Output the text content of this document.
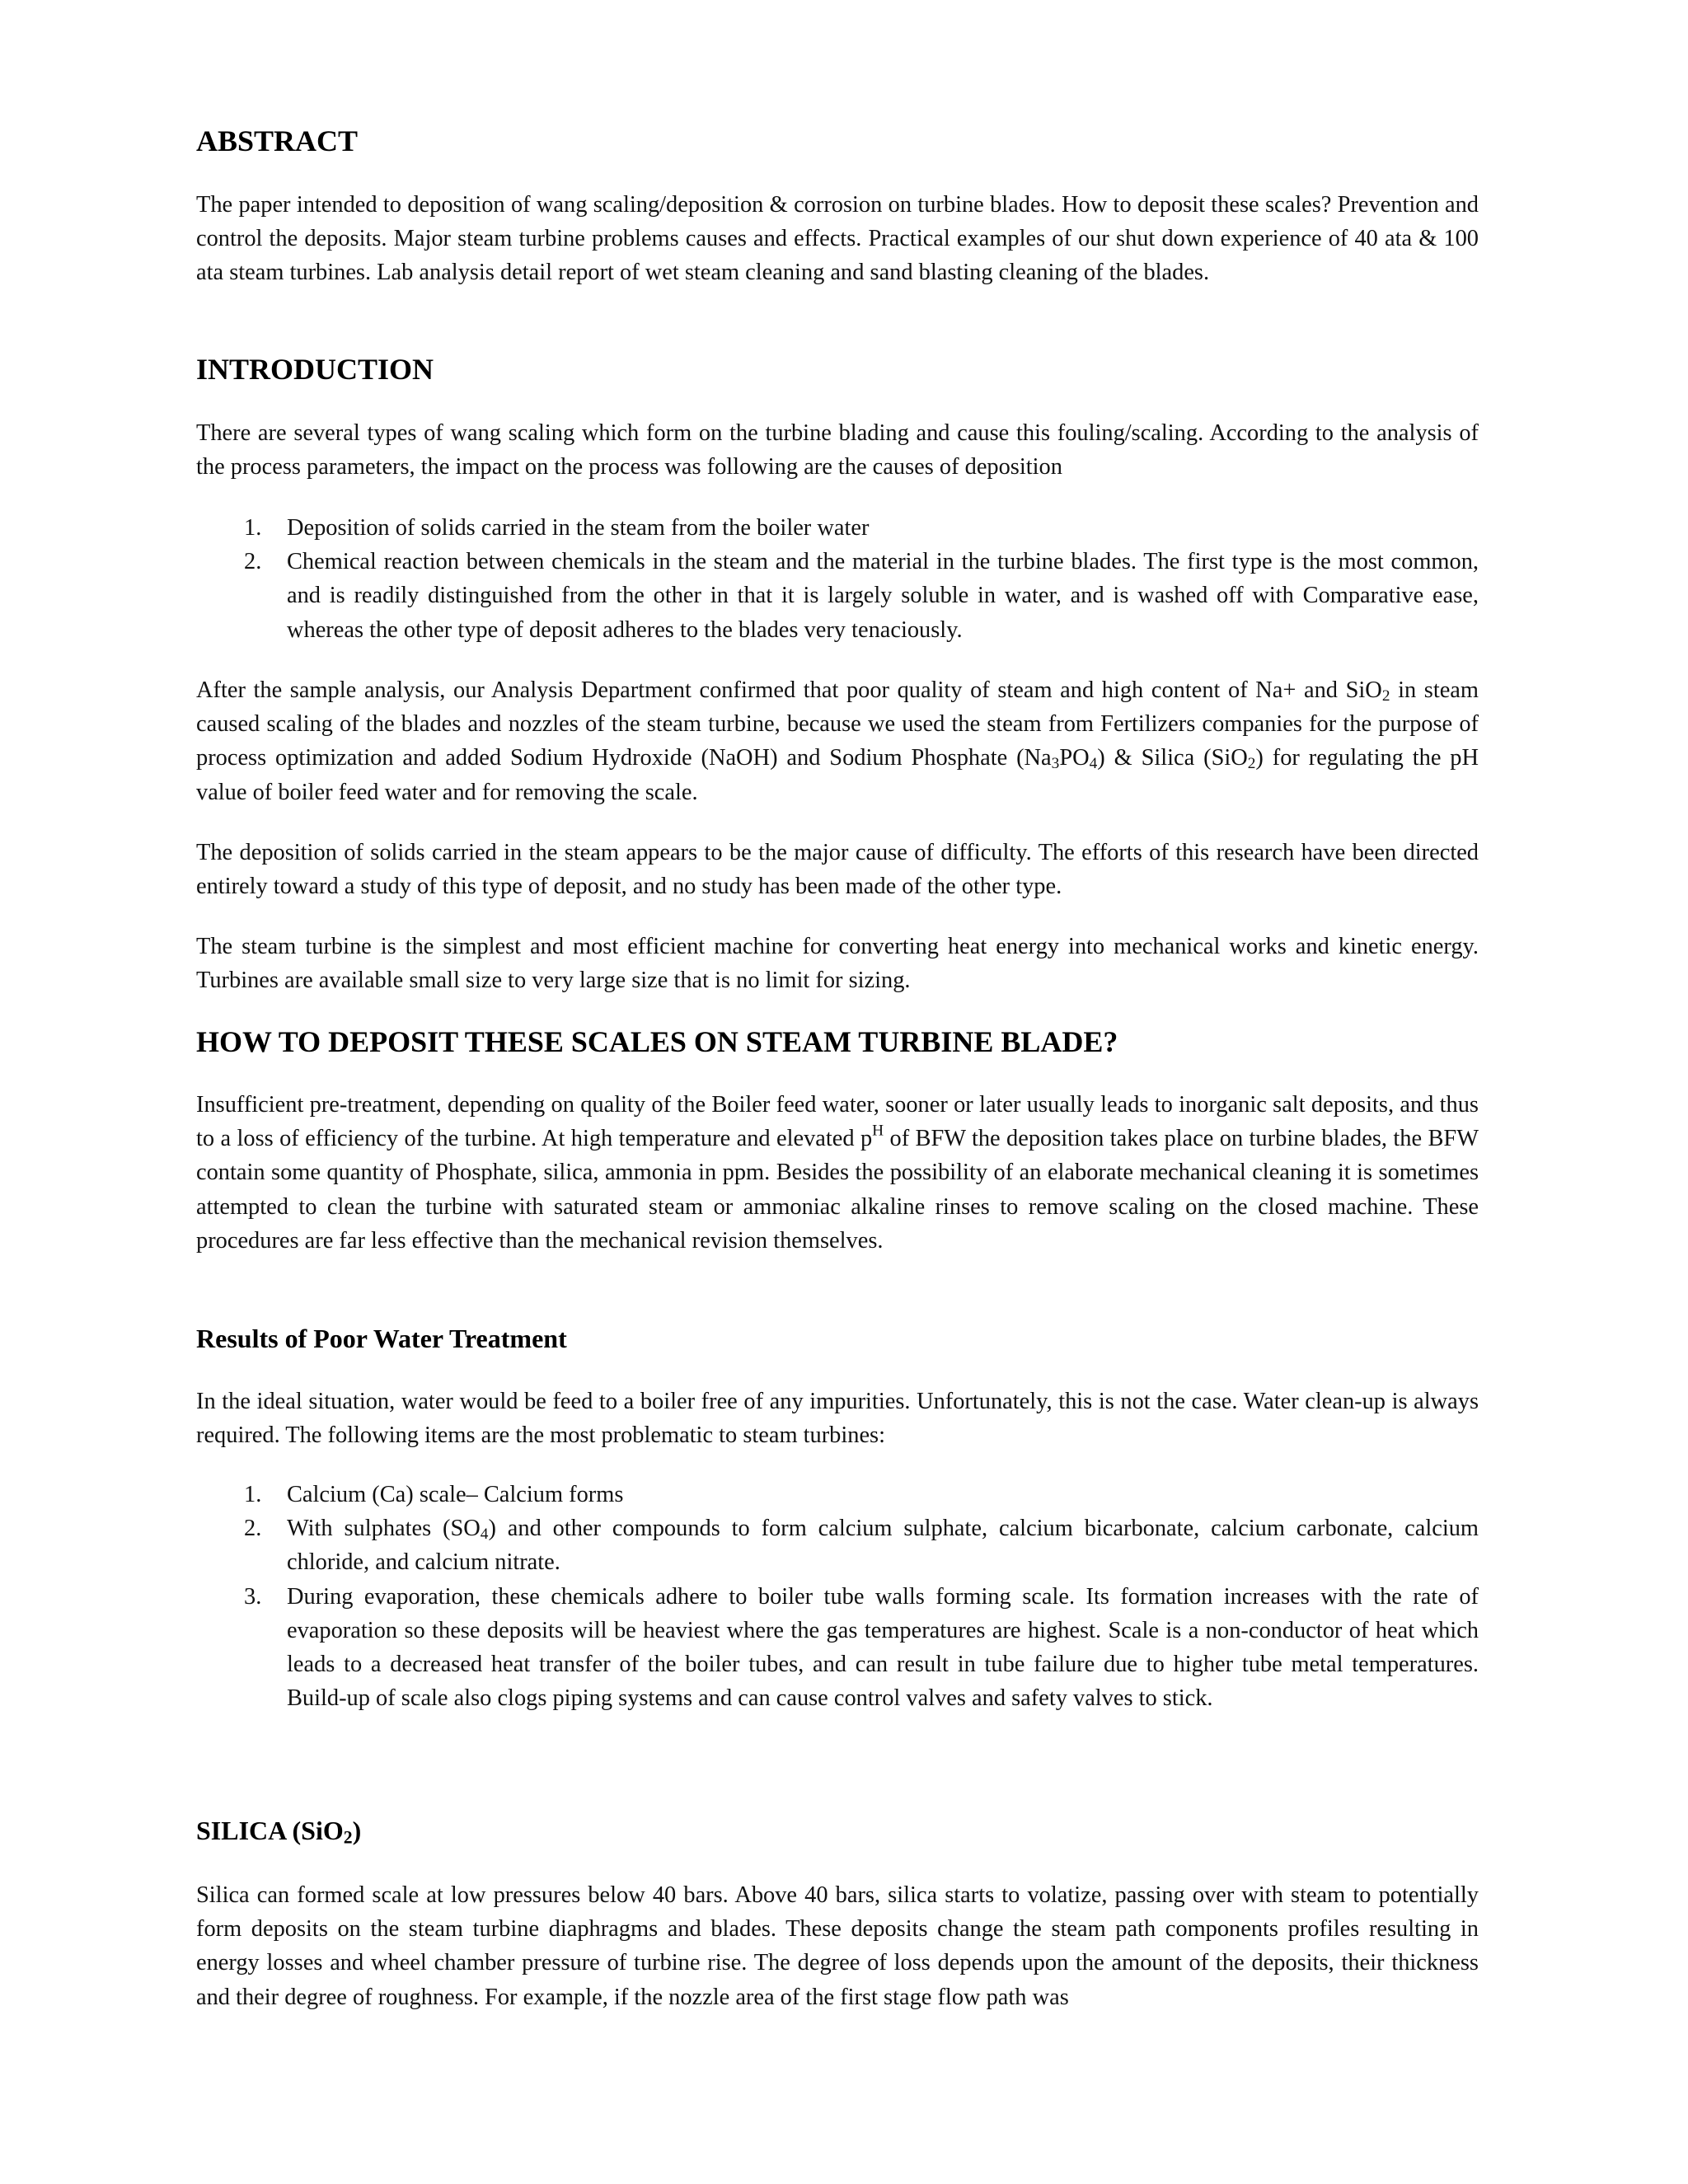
ABSTRACT

The paper intended to deposition of wang scaling/deposition & corrosion on turbine blades. How to deposit these scales? Prevention and control the deposits. Major steam turbine problems causes and effects. Practical examples of our shut down experience of 40 ata & 100 ata steam turbines. Lab analysis detail report of wet steam cleaning and sand blasting cleaning of the blades.

INTRODUCTION

There are several types of wang scaling which form on the turbine blading and cause this fouling/scaling. According to the analysis of the process parameters, the impact on the process was following are the causes of deposition

1. Deposition of solids carried in the steam from the boiler water
2. Chemical reaction between chemicals in the steam and the material in the turbine blades. The first type is the most common, and is readily distinguished from the other in that it is largely soluble in water, and is washed off with Comparative ease, whereas the other type of deposit adheres to the blades very tenaciously.

After the sample analysis, our Analysis Department confirmed that poor quality of steam and high content of Na+ and SiO$_2$ in steam caused scaling of the blades and nozzles of the steam turbine, because we used the steam from Fertilizers companies for the purpose of process optimization and added Sodium Hydroxide (NaOH) and Sodium Phosphate $(Na_3PO_4)$ & Silica (SiO$_2$) for regulating the pH value of boiler feed water and for removing the scale.

The deposition of solids carried in the steam appears to be the major cause of difficulty. The efforts of this research have been directed entirely toward a study of this type of deposit, and no study has been made of the other type.

The steam turbine is the simplest and most efficient machine for converting heat energy into mechanical works and kinetic energy. Turbines are available small size to very large size that is no limit for sizing.

HOW TO DEPOSIT THESE SCALES ON STEAM TURBINE BLADE?

Insufficient pre-treatment, depending on quality of the Boiler feed water, sooner or later usually leads to inorganic salt deposits, and thus to a loss of efficiency of the turbine. At high temperature and elevated $p^H$ of BFW the deposition takes place on turbine blades, the BFW contain some quantity of Phosphate, silica, ammonia in ppm. Besides the possibility of an elaborate mechanical cleaning it is sometimes attempted to clean the turbine with saturated steam or ammoniac alkaline rinses to remove scaling on the closed machine. These procedures are far less effective than the mechanical revision themselves.

Results of Poor Water Treatment

In the ideal situation, water would be feed to a boiler free of any impurities. Unfortunately, this is not the case. Water clean-up is always required. The following items are the most problematic to steam turbines:

1. Calcium (Ca) scale– Calcium forms
2. With sulphates $(SO_4)$ and other compounds to form calcium sulphate, calcium bicarbonate, calcium carbonate, calcium chloride, and calcium nitrate.
3. During evaporation, these chemicals adhere to boiler tube walls forming scale. Its formation increases with the rate of evaporation so these deposits will be heaviest where the gas temperatures are highest. Scale is a non-conductor of heat which leads to a decreased heat transfer of the boiler tubes, and can result in tube failure due to higher tube metal temperatures. Build-up of scale also clogs piping systems and can cause control valves and safety valves to stick.
SILICA (SiO$_2$)

Silica can formed scale at low pressures below 40 bars. Above 40 bars, silica starts to volatize, passing over with steam to potentially form deposits on the steam turbine diaphragms and blades. These deposits change the steam path components profiles resulting in energy losses and wheel chamber pressure of turbine rise. The degree of loss depends upon the amount of the deposits, their thickness and their degree of roughness. For example, if the nozzle area of the first stage flow path was
